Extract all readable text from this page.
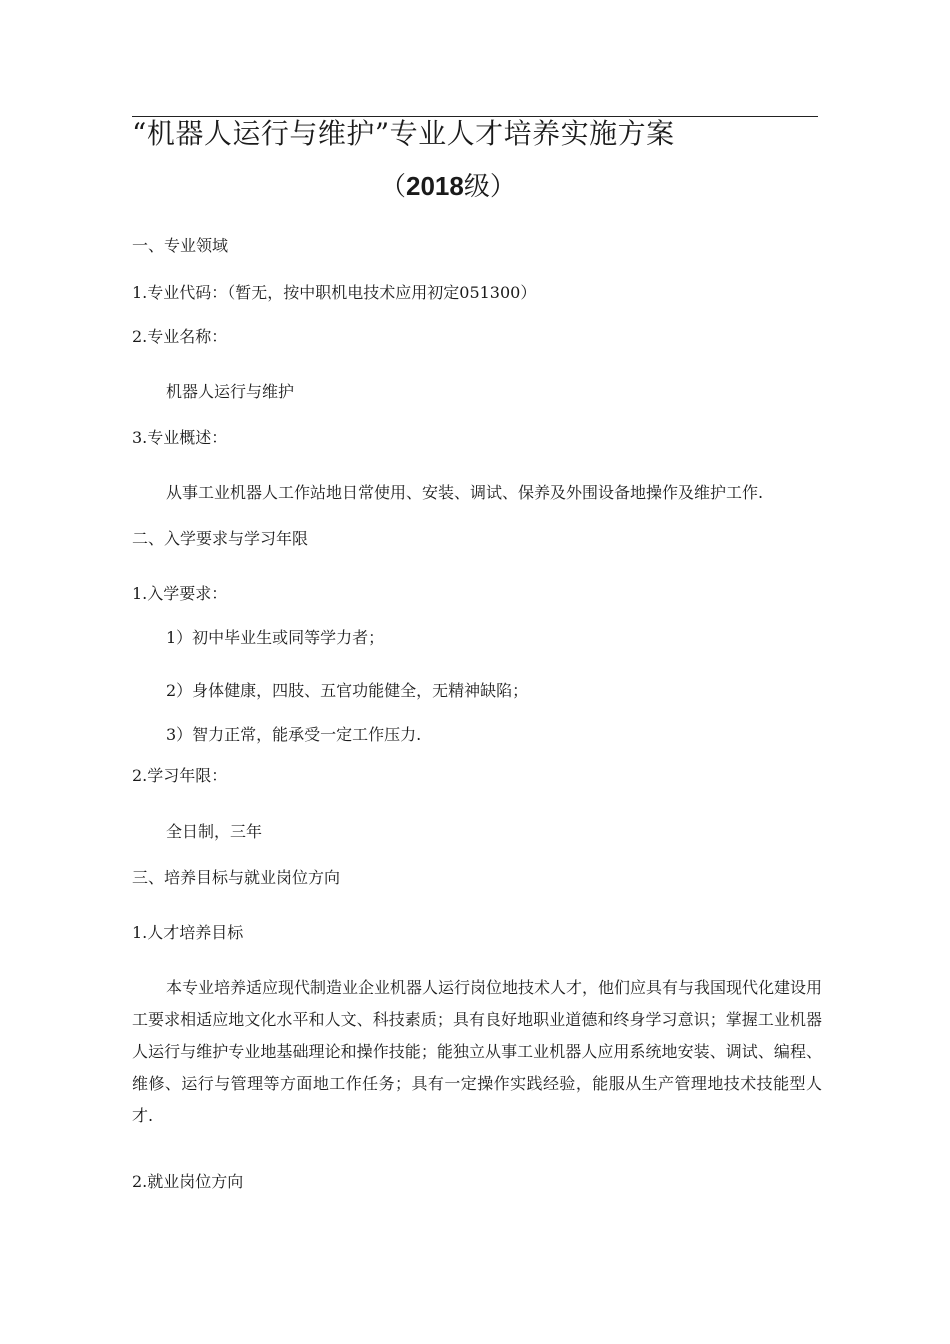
“机器人运行与维护”专业人才培养实施方案
（2018级）
一、专业领域
1.专业代码：（暂无，按中职机电技术应用初定051300）
2.专业名称：
机器人运行与维护
3.专业概述：
从事工业机器人工作站地日常使用、安装、调试、保养及外围设备地操作及维护工作.
二、入学要求与学习年限
1.入学要求：
1）初中毕业生或同等学力者；
2）身体健康，四肢、五官功能健全，无精神缺陷；
3）智力正常，能承受一定工作压力.
2.学习年限：
全日制，三年
三、培养目标与就业岗位方向
1.人才培养目标
本专业培养适应现代制造业企业机器人运行岗位地技术人才，他们应具有与我国现代化建设用工要求相适应地文化水平和人文、科技素质；具有良好地职业道德和终身学习意识；掌握工业机器人运行与维护专业地基础理论和操作技能；能独立从事工业机器人应用系统地安装、调试、编程、维修、运行与管理等方面地工作任务；具有一定操作实践经验，能服从生产管理地技术技能型人才.
2.就业岗位方向
